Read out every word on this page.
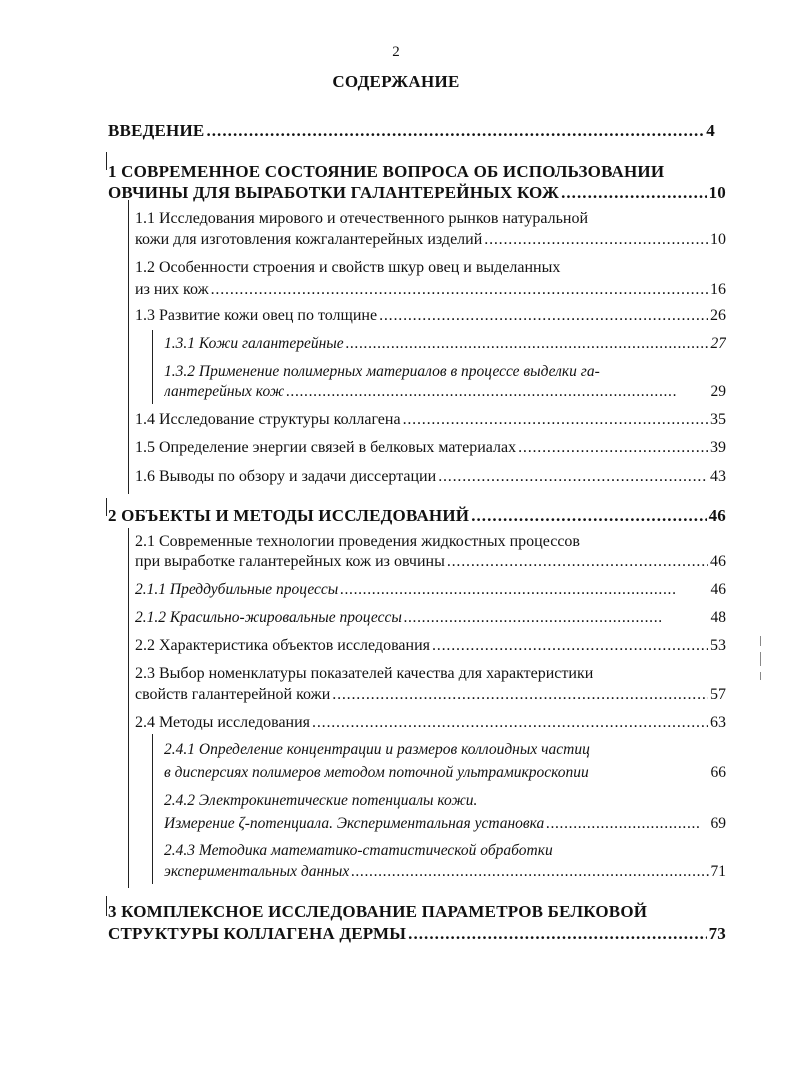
2
СОДЕРЖАНИЕ
ВВЕДЕНИЕ . . .	4
1 СОВРЕМЕННОЕ СОСТОЯНИЕ ВОПРОСА ОБ ИСПОЛЬЗОВАНИИ
ОВЧИНЫ ДЛЯ ВЫРАБОТКИ ГАЛАНТЕРЕЙНЫХ КОЖ . . .	10
1.1 Исследования мирового и отечественного рынков натуральной
кожи для изготовления кожгалантерейных изделий . . .	10
1.2 Особенности строения и свойств шкур овец и выделанных
из них кож . . .	16
1.3 Развитие кожи овец по толщине . . .	26
1.3.1 Кожи галантерейные . . .	27
1.3.2 Применение полимерных материалов в процессе выделки га-
лантерейных кож . . .	29
1.4 Исследование структуры коллагена . . .	35
1.5 Определение энергии связей в белковых материалах . . .	39
1.6 Выводы по обзору и задачи диссертации . . .	43
2 ОБЪЕКТЫ И МЕТОДЫ ИССЛЕДОВАНИЙ . . .	46
2.1 Современные технологии проведения жидкостных процессов
при выработке галантерейных кож из овчины . . .	46
2.1.1 Преддубильные процессы . . .	46
2.1.2 Красильно-жировальные процессы . . .	48
2.2 Характеристика объектов исследования . . .	53
2.3 Выбор номенклатуры показателей качества для характеристики
свойств галантерейной кожи . . .	57
2.4 Методы исследования . . .	63
2.4.1 Определение концентрации и размеров коллоидных частиц
в дисперсиях полимеров методом поточной ультрамикроскопии	66
2.4.2 Электрокинетические потенциалы кожи.
Измерение ζ-потенциала. Экспериментальная установка . . .	69
2.4.3 Методика математико-статистической обработки
экспериментальных данных . . .	71
3 КОМПЛЕКСНОЕ ИССЛЕДОВАНИЕ ПАРАМЕТРОВ БЕЛКОВОЙ
СТРУКТУРЫ КОЛЛАГЕНА ДЕРМЫ . . .	73
